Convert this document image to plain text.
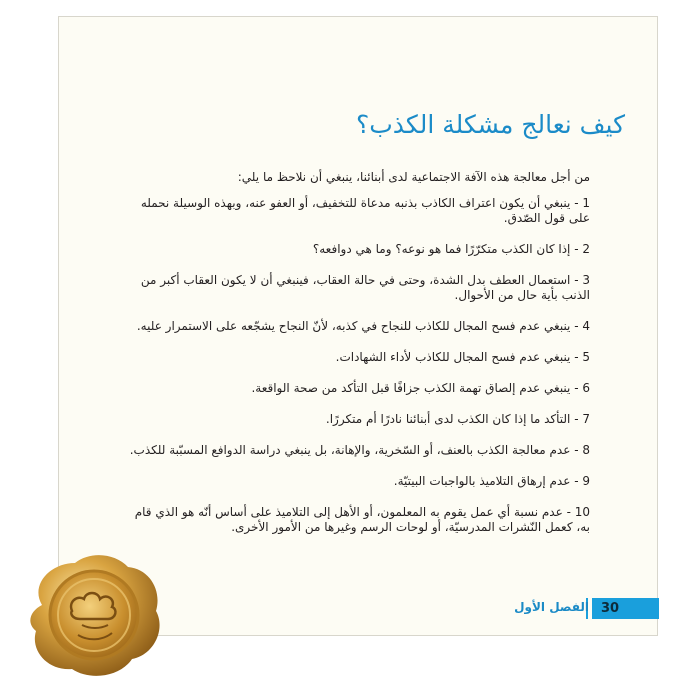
كيف نعالج مشكلة الكذب؟

من أجل معالجة هذه الآفة الاجتماعية لدى أبنائنا، ينبغي أن نلاحظ ما يلي:

1 - ينبغي أن يكون اعتراف الكاذب بذنبه مدعاة للتخفيف، أو العفو عنه، وبهذه الوسيلة نحمله على قول الصّدق.

2 - إذا كان الكذب متكرّرًا فما هو نوعه؟ وما هي دوافعه؟

3 - استعمال العطف بدل الشدة، وحتى في حالة العقاب، فينبغي أن لا يكون العقاب أكبر من الذنب بأية حال من الأحوال.

4 - ينبغي عدم فسح المجال للكاذب للنجاح في كذبه، لأنّ النجاح يشجّعه على الاستمرار عليه.

5 - ينبغي عدم فسح المجال للكاذب لأداء الشهادات.

6 - ينبغي عدم إلصاق تهمة الكذب جزافًا قبل التأكد من صحة الواقعة.

7 - التأكد ما إذا كان الكذب لدى أبنائنا نادرًا أم متكررًا.

8 - عدم معالجة الكذب بالعنف، أو السّخرية، والإهانة، بل ينبغي دراسة الدوافع المسبّبة للكذب.

9 - عدم إرهاق التلاميذ بالواجبات البيتيّة.

10 - عدم نسبة أي عمل يقوم به المعلمون، أو الأهل إلى التلاميذ على أساس أنّه هو الذي قام به، كعمل النّشرات المدرسيّة، أو لوحات الرسم وغيرها من الأمور الأخرى.

30
الفصل الأول
